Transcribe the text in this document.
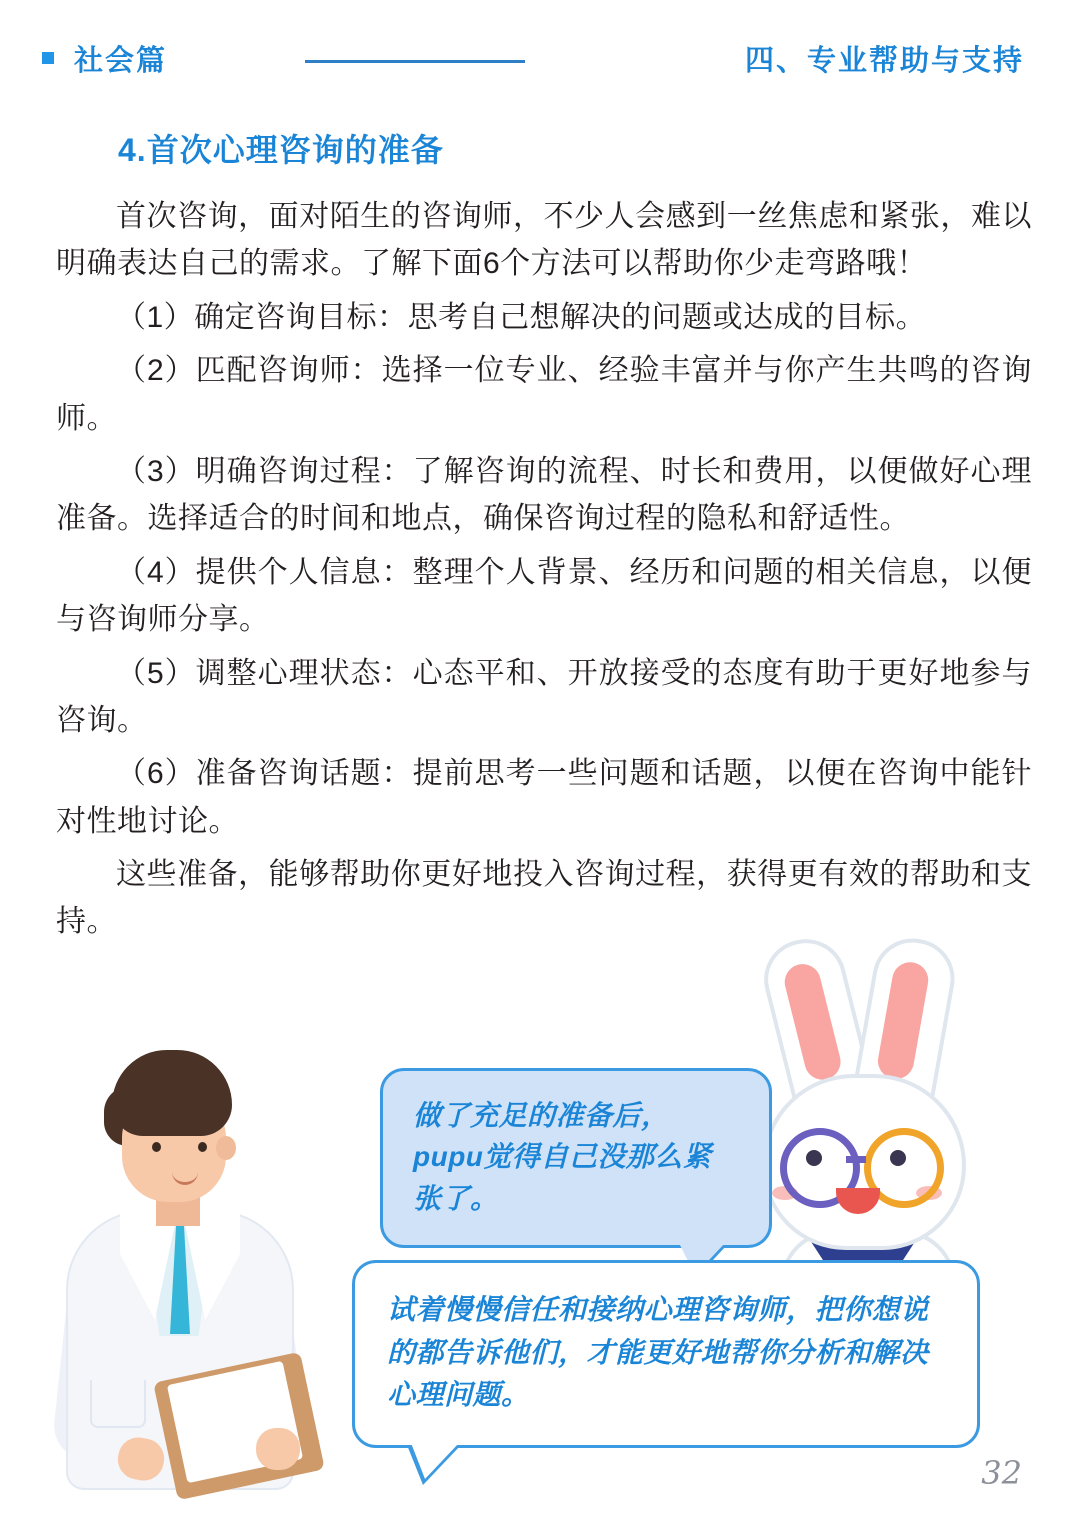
社会篇	四、专业帮助与支持
4.首次心理咨询的准备

首次咨询，面对陌生的咨询师，不少人会感到一丝焦虑和紧张，难以明确表达自己的需求。了解下面6个方法可以帮助你少走弯路哦！

（1）确定咨询目标：思考自己想解决的问题或达成的目标。

（2）匹配咨询师：选择一位专业、经验丰富并与你产生共鸣的咨询师。

（3）明确咨询过程：了解咨询的流程、时长和费用，以便做好心理准备。选择适合的时间和地点，确保咨询过程的隐私和舒适性。

（4）提供个人信息：整理个人背景、经历和问题的相关信息，以便与咨询师分享。

（5）调整心理状态：心态平和、开放接受的态度有助于更好地参与咨询。

（6）准备咨询话题：提前思考一些问题和话题，以便在咨询中能针对性地讨论。

这些准备，能够帮助你更好地投入咨询过程，获得更有效的帮助和支持。

做了充足的准备后，pupu觉得自己没那么紧张了。
试着慢慢信任和接纳心理咨询师，把你想说的都告诉他们，才能更好地帮你分析和解决心理问题。
32
